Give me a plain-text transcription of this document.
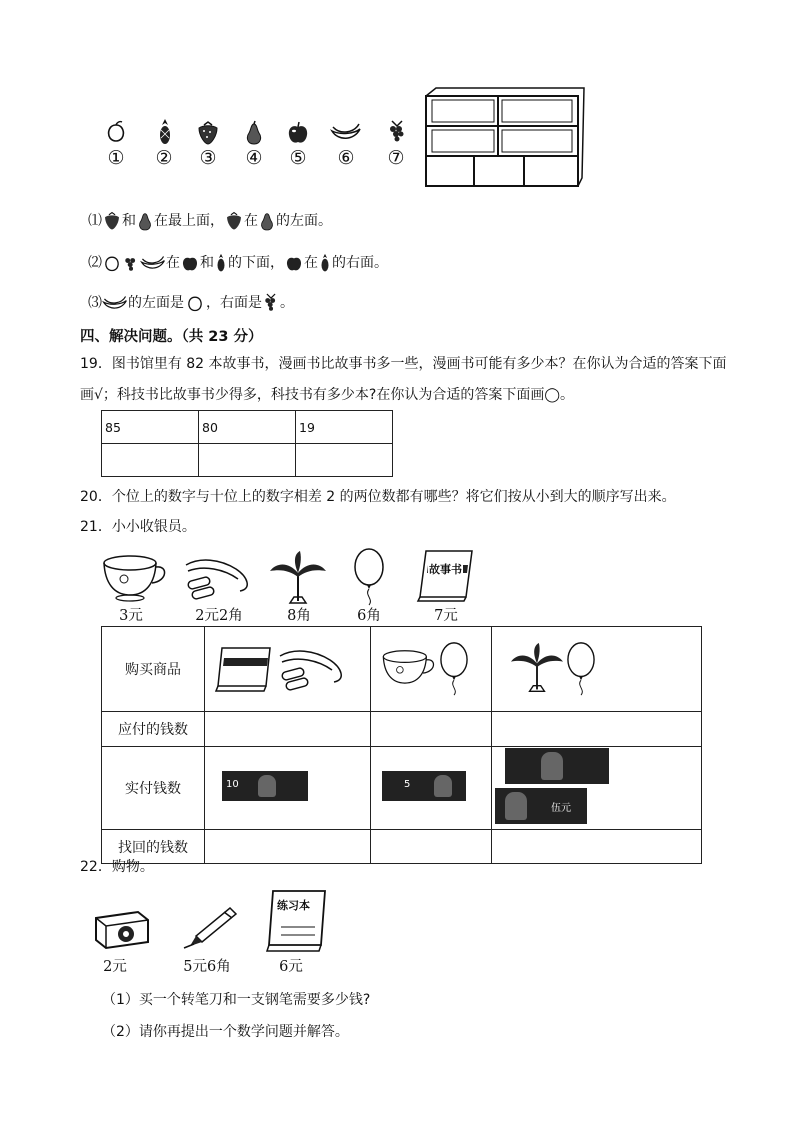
①	②	③	④	⑤	⑥	⑦
⑴ 和 在最上面， 在 的左面。
⑵	在 和 的下面， 在 的右面。
⑶ 的左面是 ，右面是 。
四、解决问题。（共 23 分）
19．图书馆里有 82 本故事书，漫画书比故事书多一些，漫画书可能有多少本？在你认为合适的答案下面
画√；科技书比故事书少得多，科技书有多少本?在你认为合适的答案下面画◯。
85	80	19

20．个位上的数字与十位上的数字相差 2 的两位数都有哪些？将它们按从小到大的顺序写出来。
21．小小收银员。
故事书
3元	2元2角	8角	6角	7元
购买商品			
应付的钱数			
实付钱数	10	5	伍元

找回的钱数			
22．购物。
练习本
2元	5元6角	6元
（1）买一个转笔刀和一支钢笔需要多少钱?
（2）请你再提出一个数学问题并解答。
